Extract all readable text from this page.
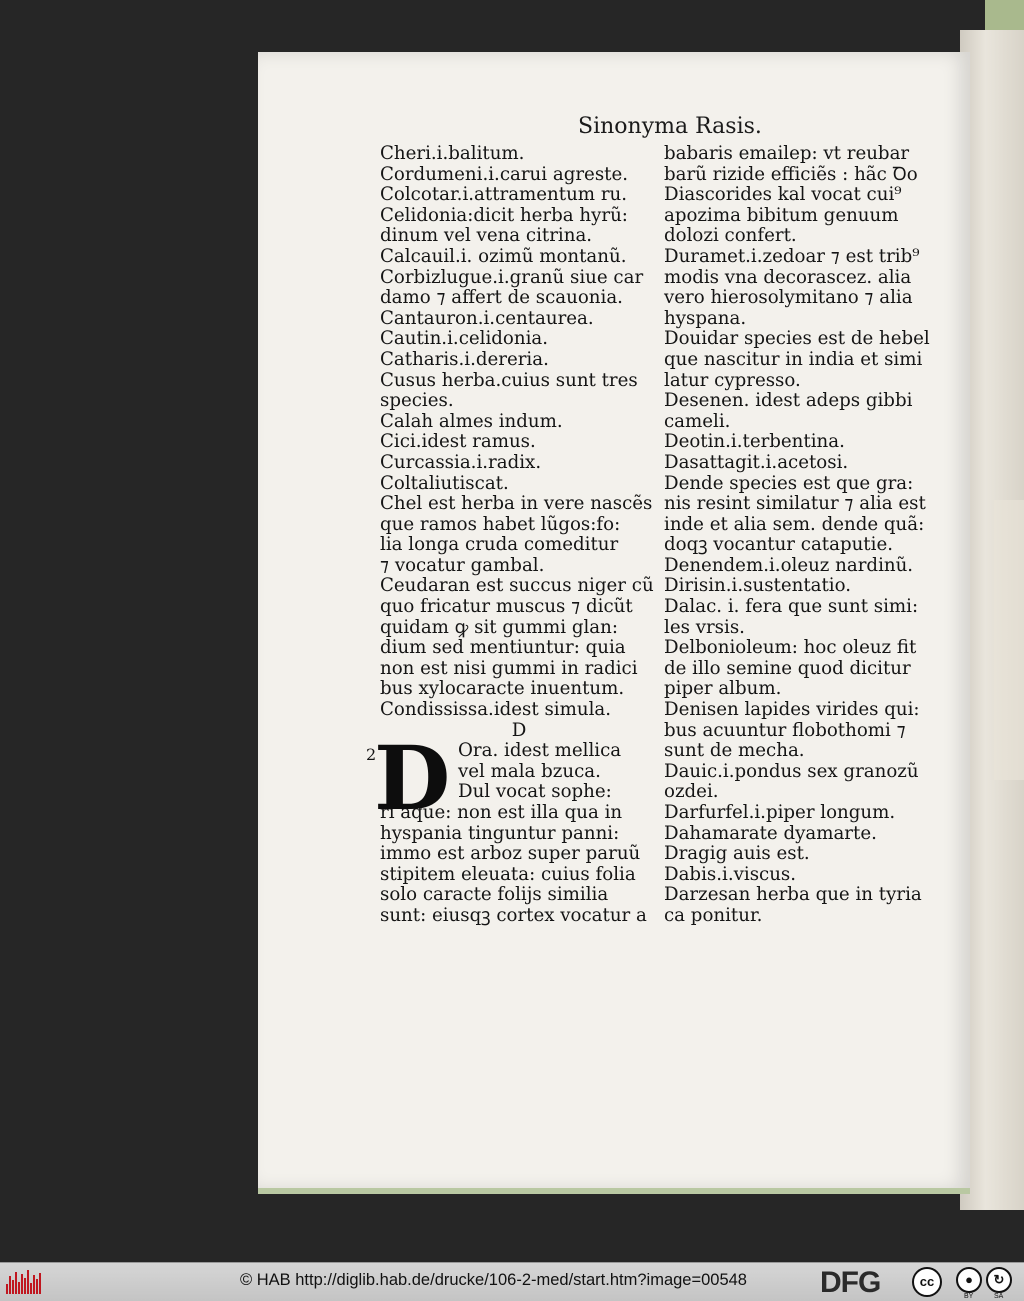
Sinonyma Rasis.
Cheri.i.balitum.
Cordumeni.i.carui agreste.
Colcotar.i.attramentum ru.
Celidonia:dicit herba hyrũ:
dinum vel vena citrina.
Calcauil.i. ozimũ montanũ.
Corbizlugue.i.granũ siue car
damo ⁊ affert de scauonia.
Cantauron.i.centaurea.
Cautin.i.celidonia.
Catharis.i.dereria.
Cusus herba.cuius sunt tres
species.
Calah almes indum.
Cici.idest ramus.
Curcassia.i.radix.
Coltaliutiscat.
Chel est herba in vere nascẽs
que ramos habet lũgos:fo:
lia longa cruda comeditur
⁊ vocatur gambal.
Ceudaran est succus niger cũ
quo fricatur muscus ⁊ dicũt
quidam ꝙ sit gummi glan:
dium sed mentiuntur: quia
non est nisi gummi in radici
bus xylocaracte inuentum.
Condississa.idest simula.
D
D
2	Ora. idest mellica
vel mala bzuca.
Dul vocat sophe:
ri aque: non est illa qua in
hyspania tinguntur panni:
immo est arboz super paruũ
stipitem eleuata: cuius folia
solo caracte folijs similia
sunt: eiusqꝫ cortex vocatur a
babaris emailep: vt reubar
barũ rizide efficiẽs : hãc Ꝺo
Diascorides kal vocat cui⁹
apozima bibitum genuum
dolozi confert.
Duramet.i.zedoar ⁊ est trib⁹
modis vna decorascez. alia
vero hierosolymitano ⁊ alia
hyspana.
Douidar species est de hebel
que nascitur in india et simi
latur cypresso.
Desenen. idest adeps gibbi
cameli.
Deotin.i.terbentina.
Dasattagit.i.acetosi.
Dende species est que gra:
nis resint similatur ⁊ alia est
inde et alia sem. dende quã:
doqꝫ vocantur cataputie.
Denendem.i.oleuz nardinũ.
Dirisin.i.sustentatio.
Dalac. i. fera que sunt simi:
les vrsis.
Delbonioleum: hoc oleuz fit
de illo semine quod dicitur
piper album.
Denisen lapides virides qui:
bus acuuntur flobothomi ⁊
sunt de mecha.
Dauic.i.pondus sex granozũ
ozdei.
Darfurfel.i.piper longum.
Dahamarate dyamarte.
Dragig auis est.
Dabis.i.viscus.
Darzesan herba que in tyria
ca ponitur.
© HAB http://diglib.hab.de/drucke/106-2-med/start.htm?image=00548 DFG	cc	●	↻
BY	SA
